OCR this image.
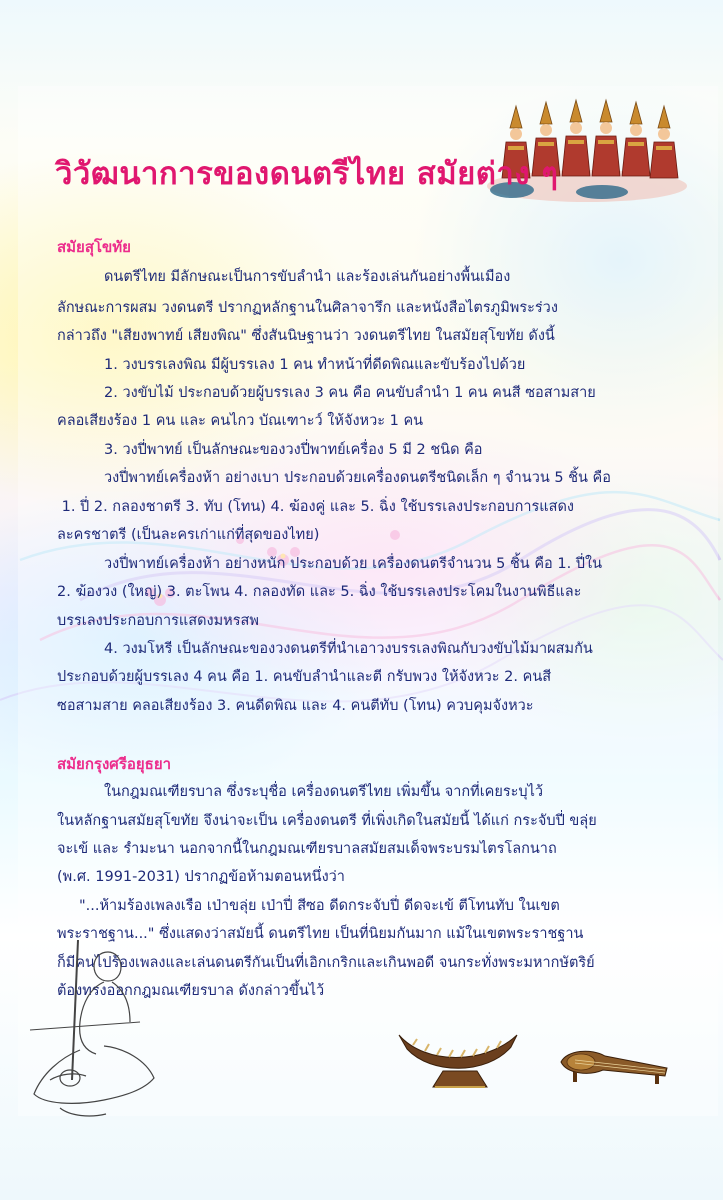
วิวัฒนาการของดนตรีไทย สมัยต่าง ๆ
สมัยสุโขทัย
ดนตรีไทย มีลักษณะเป็นการขับลำนำ และร้องเล่นกันอย่างพื้นเมือง
ลักษณะการผสม วงดนตรี ปรากฏหลักฐานในศิลาจารึก และหนังสือไตรภูมิพระร่วง
กล่าวถึง "เสียงพาทย์ เสียงพิณ" ซึ่งสันนิษฐานว่า วงดนตรีไทย ในสมัยสุโขทัย ดังนี้
1. วงบรรเลงพิณ มีผู้บรรเลง 1 คน ทำหน้าที่ดีดพิณและขับร้องไปด้วย
2. วงขับไม้ ประกอบด้วยผู้บรรเลง 3 คน คือ คนขับลำนำ 1 คน คนสี ซอสามสาย
คลอเสียงร้อง 1 คน และ คนไกว บัณเฑาะว์ ให้จังหวะ 1 คน
3. วงปี่พาทย์ เป็นลักษณะของวงปี่พาทย์เครื่อง 5 มี 2 ชนิด คือ
วงปี่พาทย์เครื่องห้า อย่างเบา ประกอบด้วยเครื่องดนตรีชนิดเล็ก ๆ จำนวน 5 ชิ้น คือ
1. ปี่ 2. กลองชาตรี 3. ทับ (โทน) 4. ฆ้องคู่ และ 5. ฉิ่ง ใช้บรรเลงประกอบการแสดง
ละครชาตรี (เป็นละครเก่าแก่ที่สุดของไทย)
วงปี่พาทย์เครื่องห้า อย่างหนัก ประกอบด้วย เครื่องดนตรีจำนวน 5 ชิ้น คือ 1. ปี่ใน
2. ฆ้องวง (ใหญ่) 3. ตะโพน 4. กลองทัด และ 5. ฉิ่ง ใช้บรรเลงประโคมในงานพิธีและ
บรรเลงประกอบการแสดงมหรสพ
4. วงมโหรี เป็นลักษณะของวงดนตรีที่นำเอาวงบรรเลงพิณกับวงขับไม้มาผสมกัน
ประกอบด้วยผู้บรรเลง 4 คน คือ 1. คนขับลำนำและตี กรับพวง ให้จังหวะ 2. คนสี
ซอสามสาย คลอเสียงร้อง 3. คนดีดพิณ และ 4. คนตีทับ (โทน) ควบคุมจังหวะ
สมัยกรุงศรีอยุธยา
ในกฎมณเฑียรบาล ซึ่งระบุชื่อ เครื่องดนตรีไทย เพิ่มขึ้น จากที่เคยระบุไว้
ในหลักฐานสมัยสุโขทัย จึงน่าจะเป็น เครื่องดนตรี ที่เพิ่งเกิดในสมัยนี้ ได้แก่ กระจับปี่ ขลุ่ย
จะเข้ และ รำมะนา นอกจากนี้ในกฎมณเฑียรบาลสมัยสมเด็จพระบรมไตรโลกนาถ
(พ.ศ. 1991-2031) ปรากฏข้อห้ามตอนหนึ่งว่า
"...ห้ามร้องเพลงเรือ เป่าขลุ่ย เป่าปี่ สีซอ ดีดกระจับปี่ ดีดจะเข้ ตีโทนทับ ในเขต
พระราชฐาน..." ซึ่งแสดงว่าสมัยนี้ ดนตรีไทย เป็นที่นิยมกันมาก แม้ในเขตพระราชฐาน
ก็มีคนไปร้องเพลงและเล่นดนตรีกันเป็นที่เอิกเกริกและเกินพอดี จนกระทั่งพระมหากษัตริย์
ต้องทรงออกกฎมณเฑียรบาล ดังกล่าวขึ้นไว้
